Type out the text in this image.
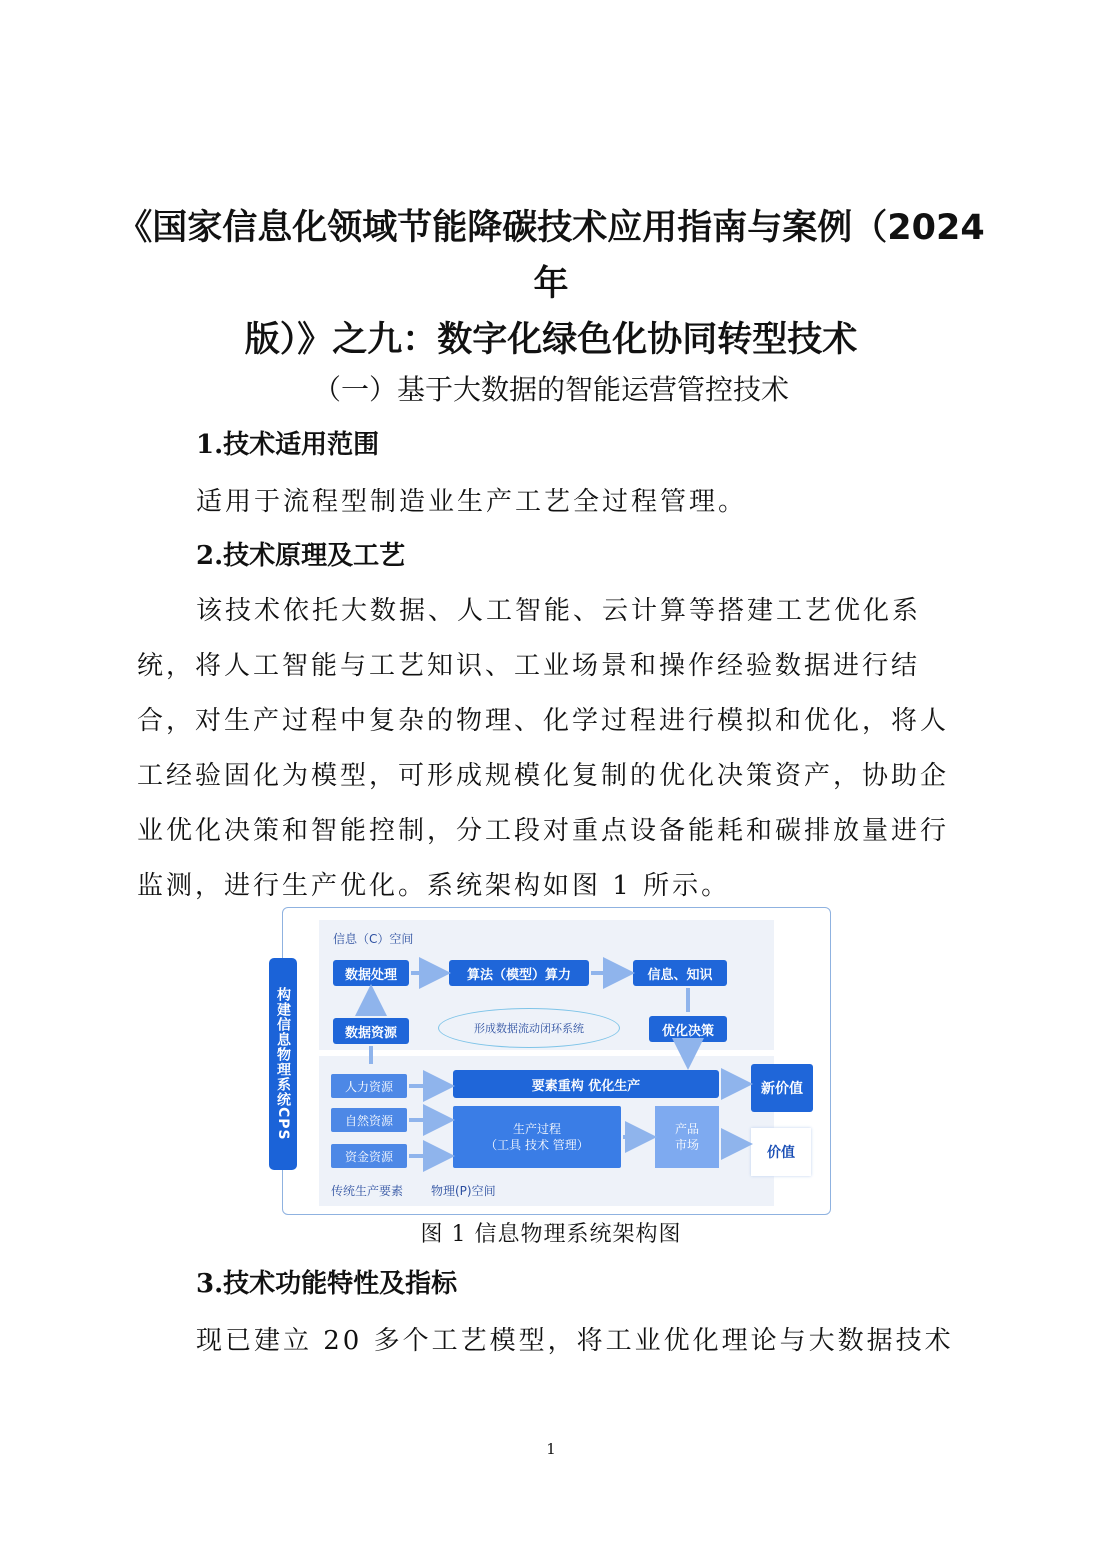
《国家信息化领域节能降碳技术应用指南与案例（2024 年
版）》之九：数字化绿色化协同转型技术
（一）基于大数据的智能运营管控技术
1.技术适用范围
适用于流程型制造业生产工艺全过程管理。
2.技术原理及工艺
该技术依托大数据、人工智能、云计算等搭建工艺优化系统，将人工智能与工艺知识、工业场景和操作经验数据进行结合，对生产过程中复杂的物理、化学过程进行模拟和优化，将人工经验固化为模型，可形成规模化复制的优化决策资产，协助企业优化决策和智能控制，分工段对重点设备能耗和碳排放量进行监测，进行生产优化。系统架构如图 1 所示。
构建信息物理系统CPS
信息（C）空间
数据处理	算法（模型）算力	信息、知识
数据资源	形成数据流动闭环系统	优化决策
人力资源
自然资源
资金资源
要素重构 优化生产
生产过程
（工具 技术 管理）
产品
市场
新价值
价值
传统生产要素 物理(P)空间
图 1 信息物理系统架构图
3.技术功能特性及指标
现已建立 20 多个工艺模型，将工业优化理论与大数据技术
1
